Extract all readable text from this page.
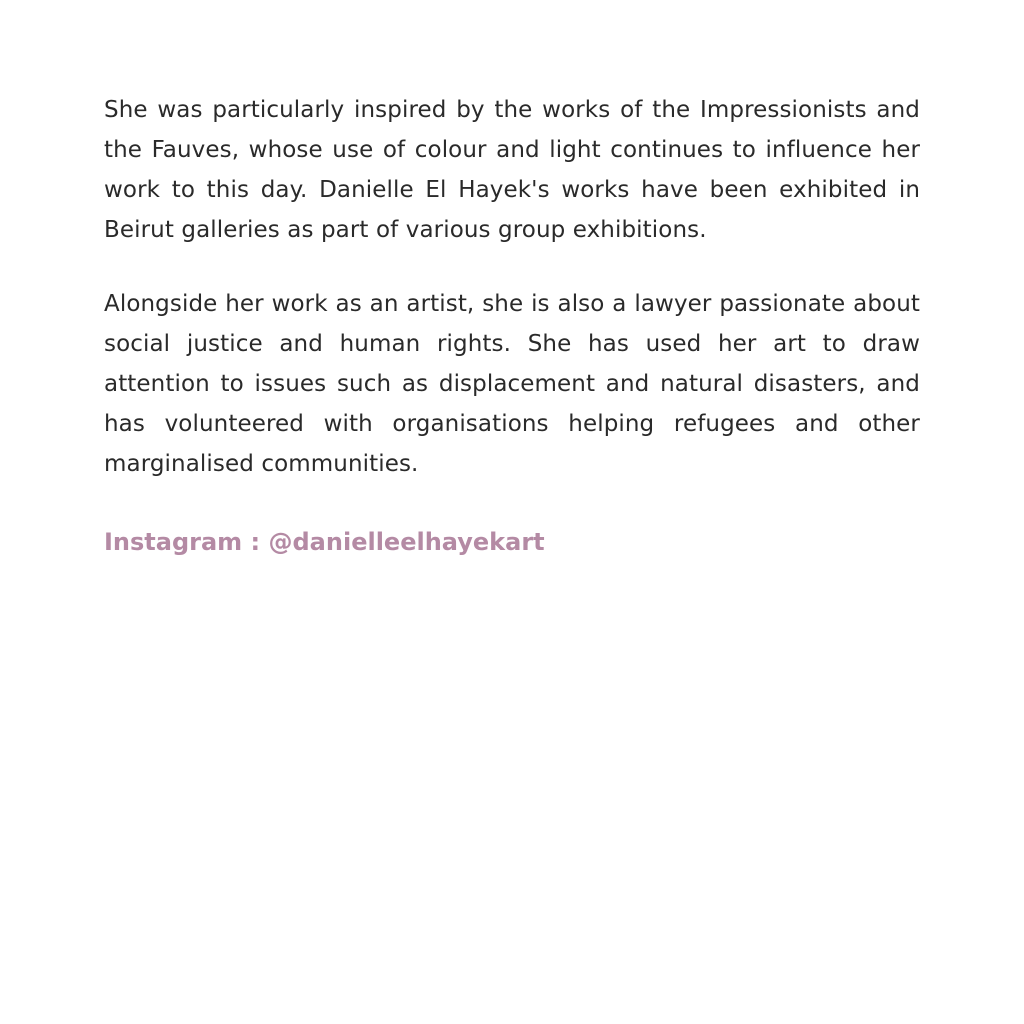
She was particularly inspired by the works of the Impressionists and the Fauves, whose use of colour and light continues to influence her work to this day. Danielle El Hayek's works have been exhibited in Beirut galleries as part of various group exhibitions.

Alongside her work as an artist, she is also a lawyer passionate about social justice and human rights. She has used her art to draw attention to issues such as displacement and natural disasters, and has volunteered with organisations helping refugees and other marginalised communities.

Instagram : @danielleelhayekart
